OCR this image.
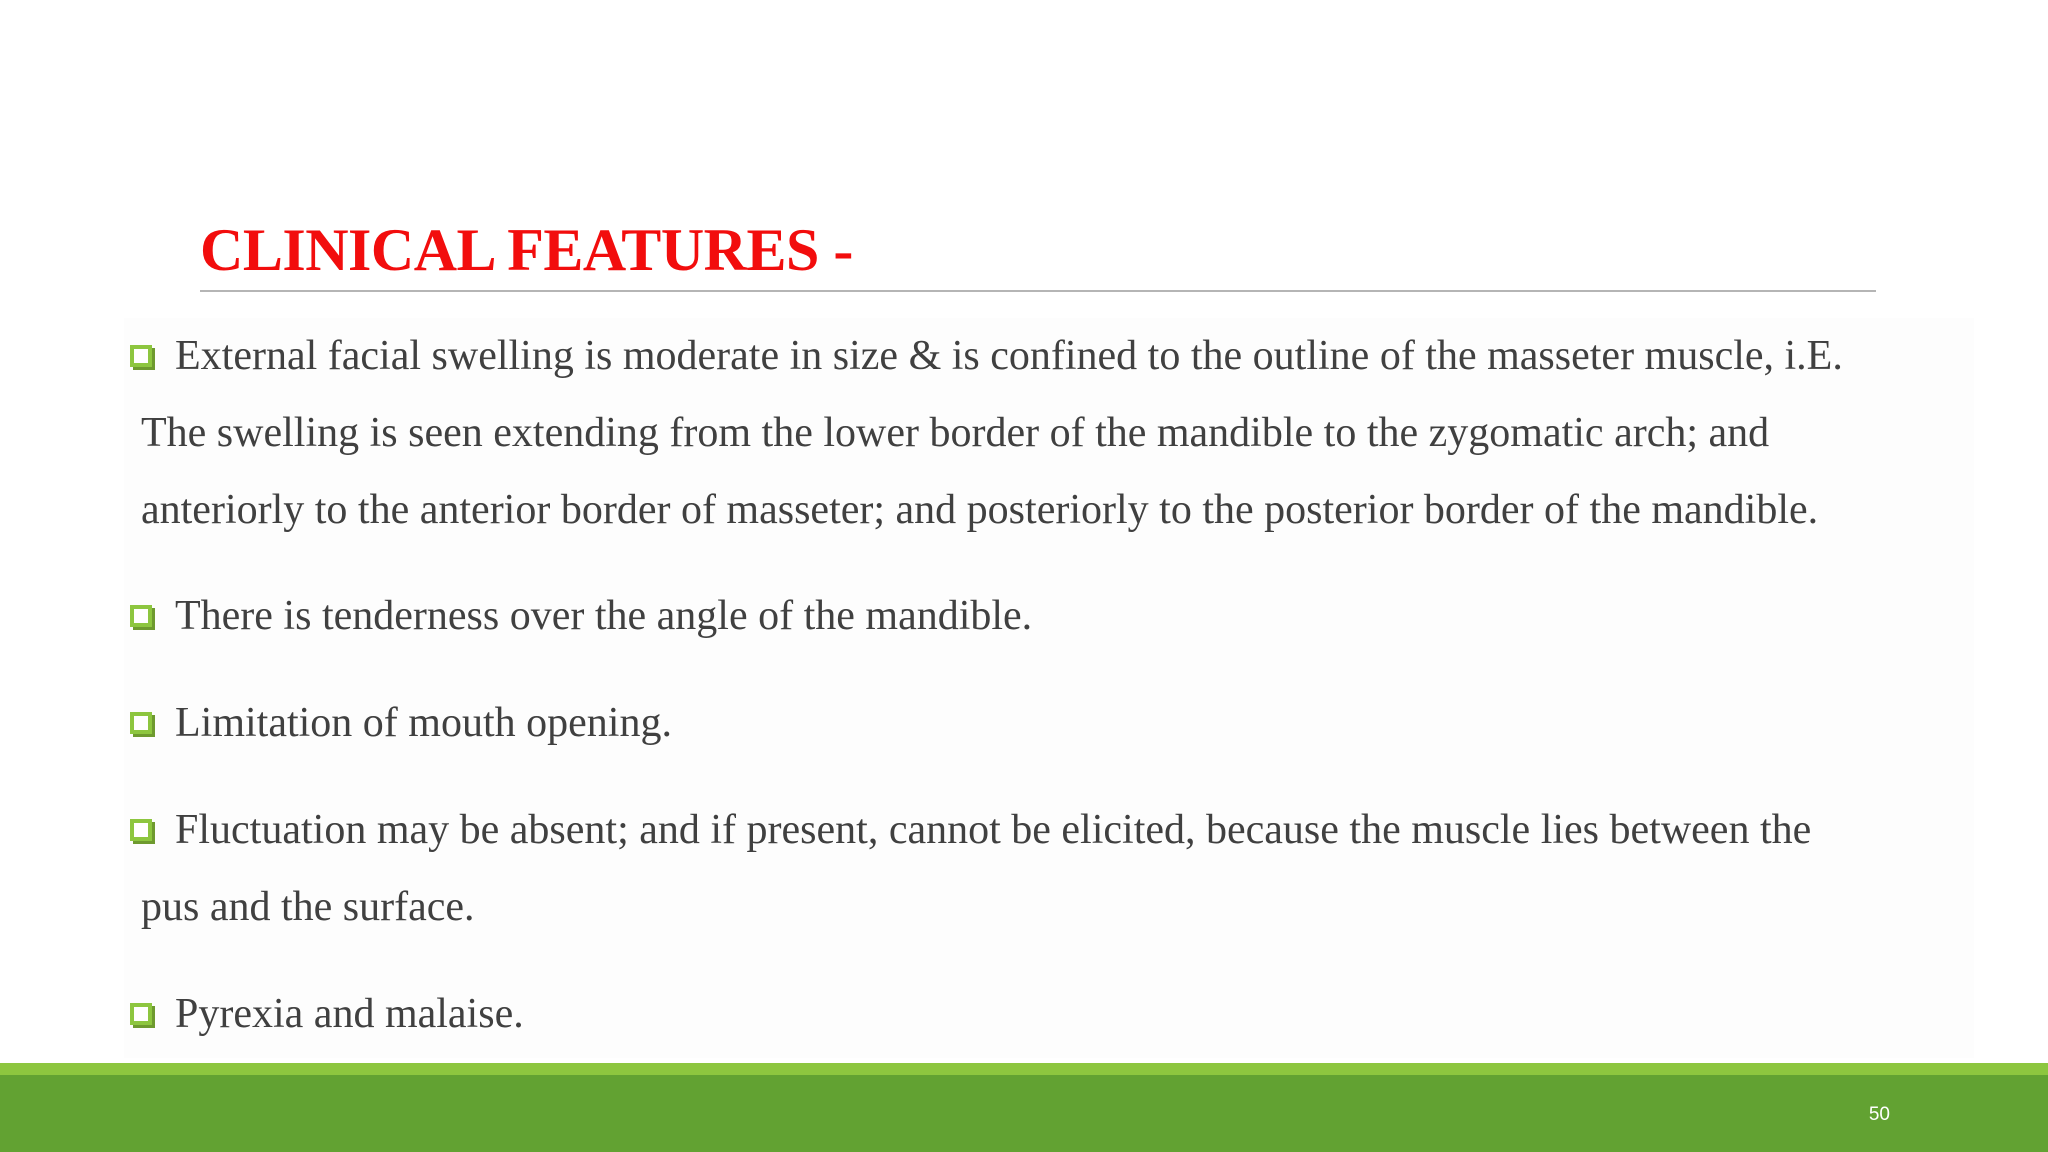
CLINICAL FEATURES -
External facial swelling is moderate in size & is confined to the outline of the masseter muscle, i.E.
The swelling is seen extending from the lower border of the mandible to the zygomatic arch; and
anteriorly to the anterior border of masseter; and posteriorly to the posterior border of the mandible.
There is tenderness over the angle of the mandible.
Limitation of mouth opening.
Fluctuation may be absent; and if present, cannot be elicited, because the muscle lies between the
pus and the surface.
Pyrexia and malaise.
50
